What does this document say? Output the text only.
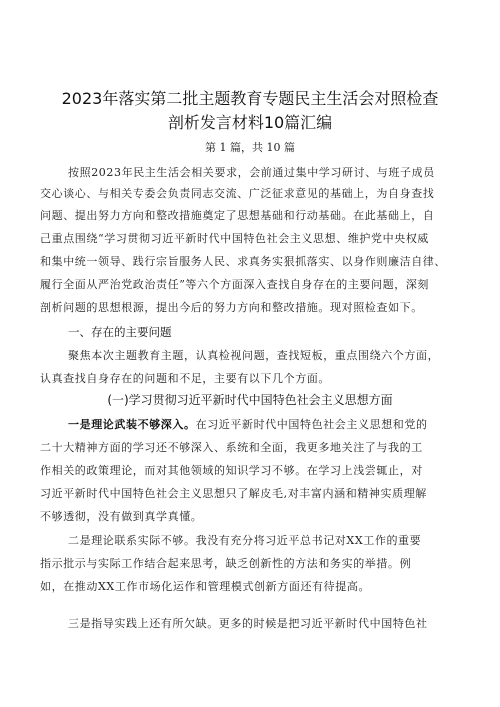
2023年落实第二批主题教育专题民主生活会对照检查
剖析发言材料10篇汇编
第 1 篇，共 10 篇
按照2023年民主生活会相关要求，会前通过集中学习研讨、与班子成员
交心谈心、与相关专委会负责同志交流、广泛征求意见的基础上，为自身查找
问题、提出努力方向和整改措施奠定了思想基础和行动基础。在此基础上，自
己重点围绕“学习贯彻习近平新时代中国特色社会主义思想、维护党中央权威
和集中统一领导、践行宗旨服务人民、求真务实狠抓落实、以身作则廉洁自律、
履行全面从严治党政治责任”等六个方面深入查找自身存在的主要问题，深刻
剖析问题的思想根源，提出今后的努力方向和整改措施。现对照检查如下。
一、存在的主要问题
聚焦本次主题教育主题，认真检视问题，查找短板，重点围绕六个方面，
认真查找自身存在的问题和不足，主要有以下几个方面。
(一)学习贯彻习近平新时代中国特色社会主义思想方面
一是理论武装不够深入。在习近平新时代中国特色社会主义思想和党的
二十大精神方面的学习还不够深入、系统和全面，我更多地关注了与我的工
作相关的政策理论，而对其他领域的知识学习不够。在学习上浅尝辄止，对
习近平新时代中国特色社会主义思想只了解皮毛,对丰富内涵和精神实质理解
不够透彻，没有做到真学真懂。
二是理论联系实际不够。我没有充分将习近平总书记对XX工作的重要
指示批示与实际工作结合起来思考，缺乏创新性的方法和务实的举措。例
如，在推动XX工作市场化运作和管理模式创新方面还有待提高。
三是指导实践上还有所欠缺。更多的时候是把习近平新时代中国特色社
